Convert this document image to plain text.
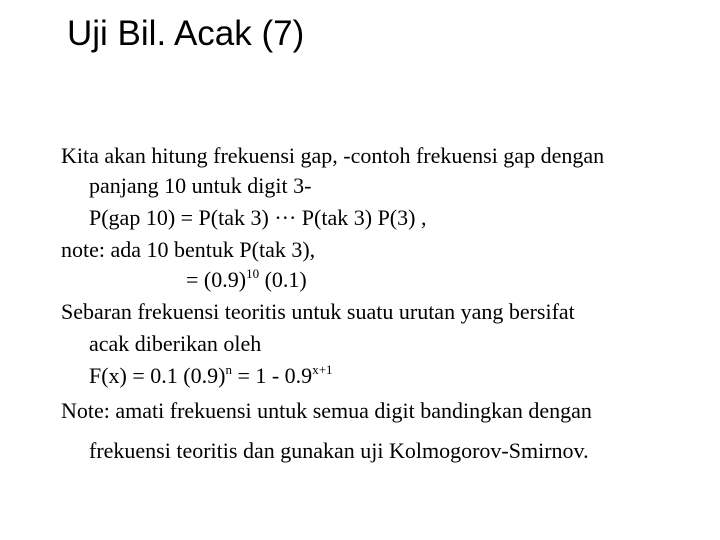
Uji Bil. Acak (7)
Kita akan hitung frekuensi gap, -contoh frekuensi gap dengan
panjang 10 untuk digit 3-
P(gap 10) = P(tak 3) ··· P(tak 3) P(3) ,
note: ada 10 bentuk P(tak 3),
= $(0.9)^{10}$ (0.1)
Sebaran frekuensi teoritis untuk suatu urutan yang bersifat
acak diberikan oleh
F(x) = 0.1 $(0.9)^n = 1 - 0.9^{x+1}$
Note: amati frekuensi untuk semua digit bandingkan dengan
frekuensi teoritis dan gunakan uji Kolmogorov-Smirnov.
